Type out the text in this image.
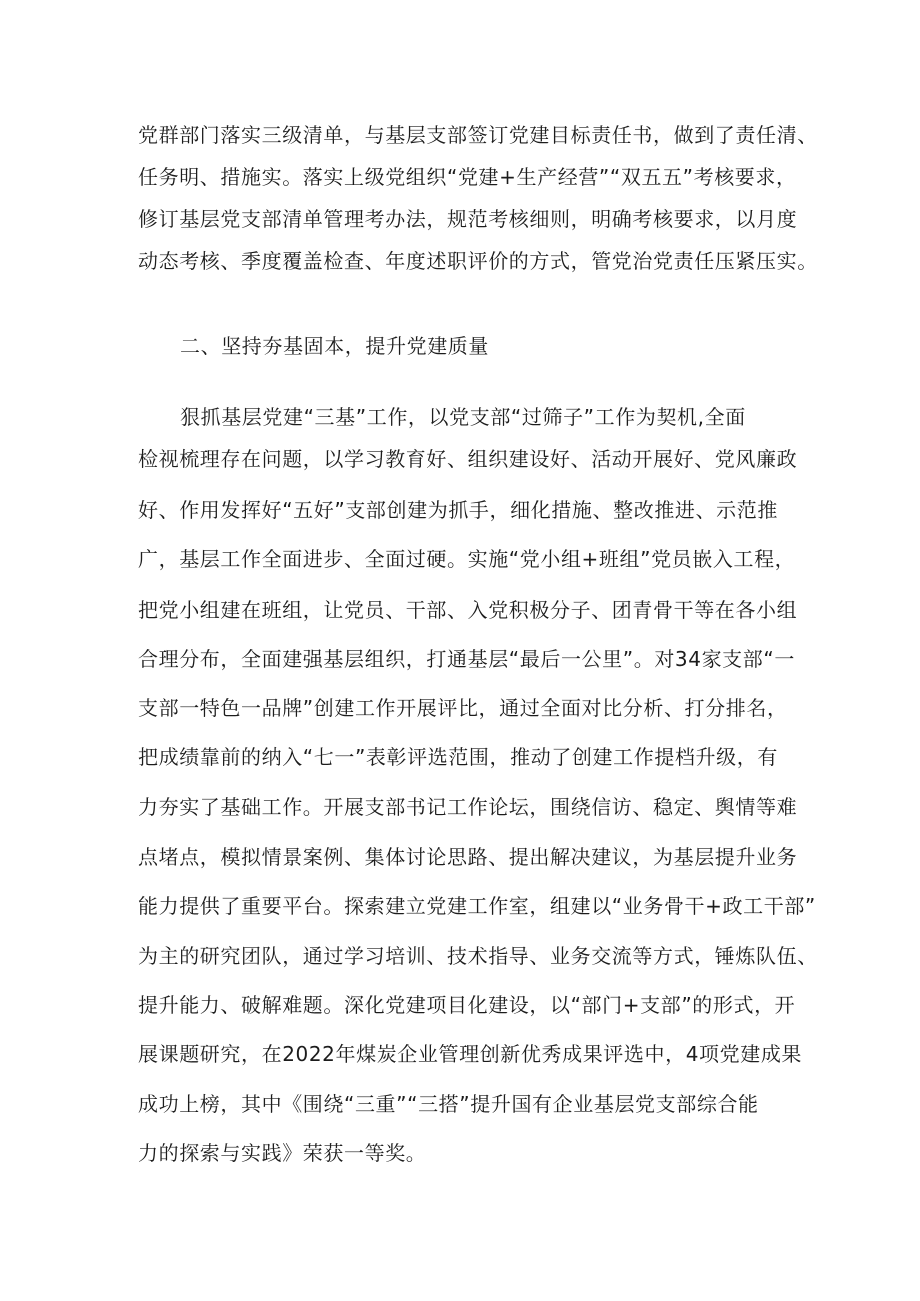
党群部门落实三级清单，与基层支部签订党建目标责任书，做到了责任清、

任务明、措施实。落实上级党组织“党建+生产经营”“双五五”考核要求，

修订基层党支部清单管理考办法，规范考核细则，明确考核要求，以月度

动态考核、季度覆盖检查、年度述职评价的方式，管党治党责任压紧压实。

二、坚持夯基固本，提升党建质量

狠抓基层党建“三基”工作，以党支部“过筛子”工作为契机,全面

检视梳理存在问题，以学习教育好、组织建设好、活动开展好、党风廉政

好、作用发挥好“五好”支部创建为抓手，细化措施、整改推进、示范推

广，基层工作全面进步、全面过硬。实施“党小组+班组”党员嵌入工程，

把党小组建在班组，让党员、干部、入党积极分子、团青骨干等在各小组

合理分布，全面建强基层组织，打通基层“最后一公里”。对34家支部“一

支部一特色一品牌”创建工作开展评比，通过全面对比分析、打分排名，

把成绩靠前的纳入“七一”表彰评选范围，推动了创建工作提档升级，有

力夯实了基础工作。开展支部书记工作论坛，围绕信访、稳定、舆情等难

点堵点，模拟情景案例、集体讨论思路、提出解决建议，为基层提升业务

能力提供了重要平台。探索建立党建工作室，组建以“业务骨干+政工干部”

为主的研究团队，通过学习培训、技术指导、业务交流等方式，锤炼队伍、

提升能力、破解难题。深化党建项目化建设，以“部门+支部”的形式，开

展课题研究，在2022年煤炭企业管理创新优秀成果评选中，4项党建成果

成功上榜，其中《围绕“三重”“三搭”提升国有企业基层党支部综合能

力的探索与实践》荣获一等奖。
